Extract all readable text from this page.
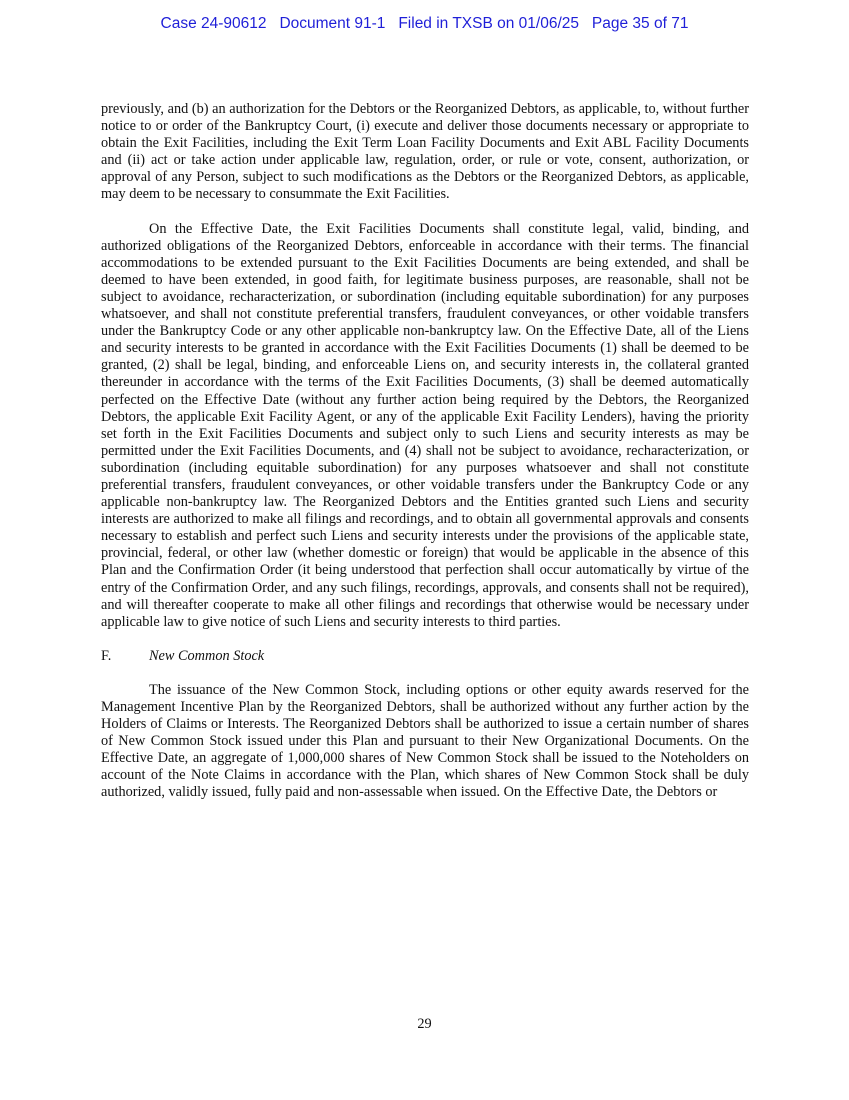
Case 24-90612   Document 91-1   Filed in TXSB on 01/06/25   Page 35 of 71

previously, and (b) an authorization for the Debtors or the Reorganized Debtors, as applicable, to, without further notice to or order of the Bankruptcy Court, (i) execute and deliver those documents necessary or appropriate to obtain the Exit Facilities, including the Exit Term Loan Facility Documents and Exit ABL Facility Documents and (ii) act or take action under applicable law, regulation, order, or rule or vote, consent, authorization, or approval of any Person, subject to such modifications as the Debtors or the Reorganized Debtors, as applicable, may deem to be necessary to consummate the Exit Facilities.

On the Effective Date, the Exit Facilities Documents shall constitute legal, valid, binding, and authorized obligations of the Reorganized Debtors, enforceable in accordance with their terms. The financial accommodations to be extended pursuant to the Exit Facilities Documents are being extended, and shall be deemed to have been extended, in good faith, for legitimate business purposes, are reasonable, shall not be subject to avoidance, recharacterization, or subordination (including equitable subordination) for any purposes whatsoever, and shall not constitute preferential transfers, fraudulent conveyances, or other voidable transfers under the Bankruptcy Code or any other applicable non-bankruptcy law. On the Effective Date, all of the Liens and security interests to be granted in accordance with the Exit Facilities Documents (1) shall be deemed to be granted, (2) shall be legal, binding, and enforceable Liens on, and security interests in, the collateral granted thereunder in accordance with the terms of the Exit Facilities Documents, (3) shall be deemed automatically perfected on the Effective Date (without any further action being required by the Debtors, the Reorganized Debtors, the applicable Exit Facility Agent, or any of the applicable Exit Facility Lenders), having the priority set forth in the Exit Facilities Documents and subject only to such Liens and security interests as may be permitted under the Exit Facilities Documents, and (4) shall not be subject to avoidance, recharacterization, or subordination (including equitable subordination) for any purposes whatsoever and shall not constitute preferential transfers, fraudulent conveyances, or other voidable transfers under the Bankruptcy Code or any applicable non-bankruptcy law. The Reorganized Debtors and the Entities granted such Liens and security interests are authorized to make all filings and recordings, and to obtain all governmental approvals and consents necessary to establish and perfect such Liens and security interests under the provisions of the applicable state, provincial, federal, or other law (whether domestic or foreign) that would be applicable in the absence of this Plan and the Confirmation Order (it being understood that perfection shall occur automatically by virtue of the entry of the Confirmation Order, and any such filings, recordings, approvals, and consents shall not be required), and will thereafter cooperate to make all other filings and recordings that otherwise would be necessary under applicable law to give notice of such Liens and security interests to third parties.

F.	New Common Stock

The issuance of the New Common Stock, including options or other equity awards reserved for the Management Incentive Plan by the Reorganized Debtors, shall be authorized without any further action by the Holders of Claims or Interests. The Reorganized Debtors shall be authorized to issue a certain number of shares of New Common Stock issued under this Plan and pursuant to their New Organizational Documents. On the Effective Date, an aggregate of 1,000,000 shares of New Common Stock shall be issued to the Noteholders on account of the Note Claims in accordance with the Plan, which shares of New Common Stock shall be duly authorized, validly issued, fully paid and non-assessable when issued. On the Effective Date, the Debtors or

29
